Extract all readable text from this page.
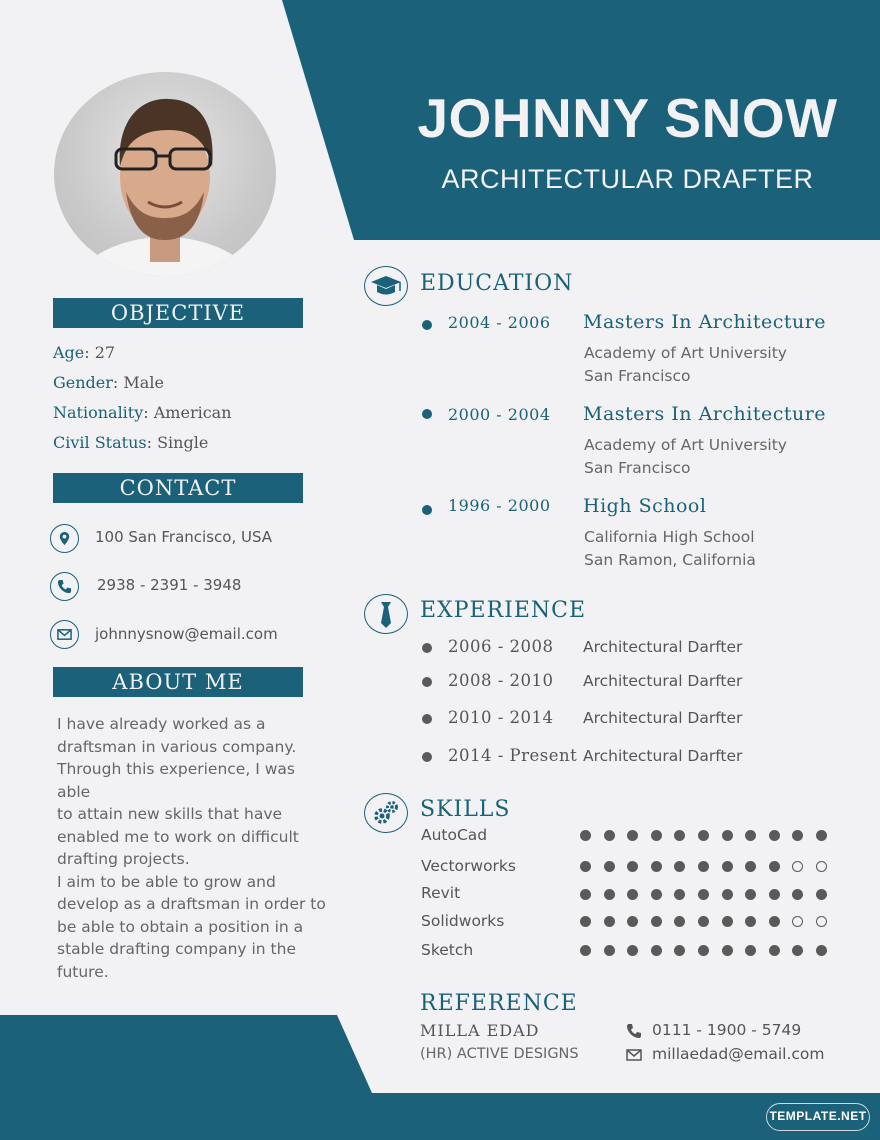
JOHNNY SNOW
ARCHITECTULAR DRAFTER
OBJECTIVE
Age: 27
Gender: Male
Nationality: American
Civil Status: Single
CONTACT
100 San Francisco, USA
2938 - 2391 - 3948
johnnysnow@email.com
ABOUT ME

I have already worked as a

draftsman in various company.

Through this experience, I was able

to attain new skills that have

enabled me to work on difficult

drafting projects.

I aim to be able to grow and

develop as a draftsman in order to

be able to obtain a position in a

stable drafting company in the

future.

EDUCATION
2004 - 2006 Masters In Architecture
Academy of Art University
San Francisco
2000 - 2004 Masters In Architecture
Academy of Art University
San Francisco
1996 - 2000 High School
California High School
San Ramon, California
EXPERIENCE
2006 - 2008 Architectural Darfter
2008 - 2010 Architectural Darfter
2010 - 2014 Architectural Darfter
2014 - Present Architectural Darfter
SKILLS
AutoCad
Vectorworks
Revit
Solidworks
Sketch
REFERENCE
MILLA EDAD
(HR) ACTIVE DESIGNS
0111 - 1900 - 5749
millaedad@email.com
TEMPLATE.NET
